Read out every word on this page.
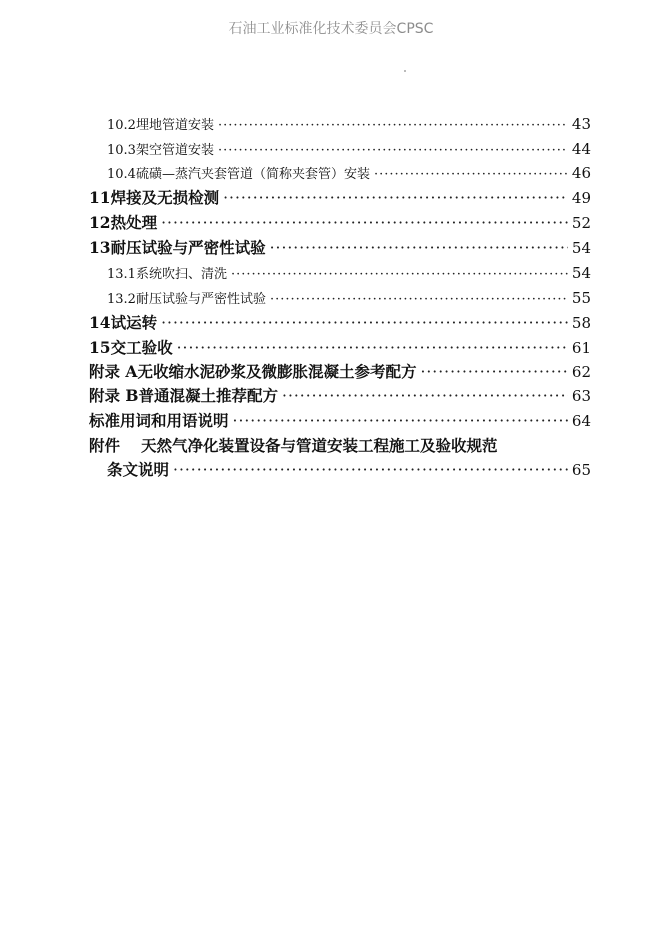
石油工业标准化技术委员会CPSC
10.2 埋地管道安装 ·····	43
10.3 架空管道安装 ·····	44
10.4 硫磺—蒸汽夹套管道（简称夹套管）安装 ·····	46
11 焊接及无损检测 ·····	49
12 热处理 ·····	52
13 耐压试验与严密性试验 ·····	54
13.1 系统吹扫、清洗 ·····	54
13.2 耐压试验与严密性试验 ·····	55
14 试运转 ·····	58
15 交工验收 ·····	61
附录 A 无收缩水泥砂浆及微膨胀混凝土参考配方 ·····	62
附录 B 普通混凝土推荐配方 ·····	63
标准用词和用语说明 ·····	64
附件	天然气净化装置设备与管道安装工程施工及验收规范
条文说明 ·····	65
